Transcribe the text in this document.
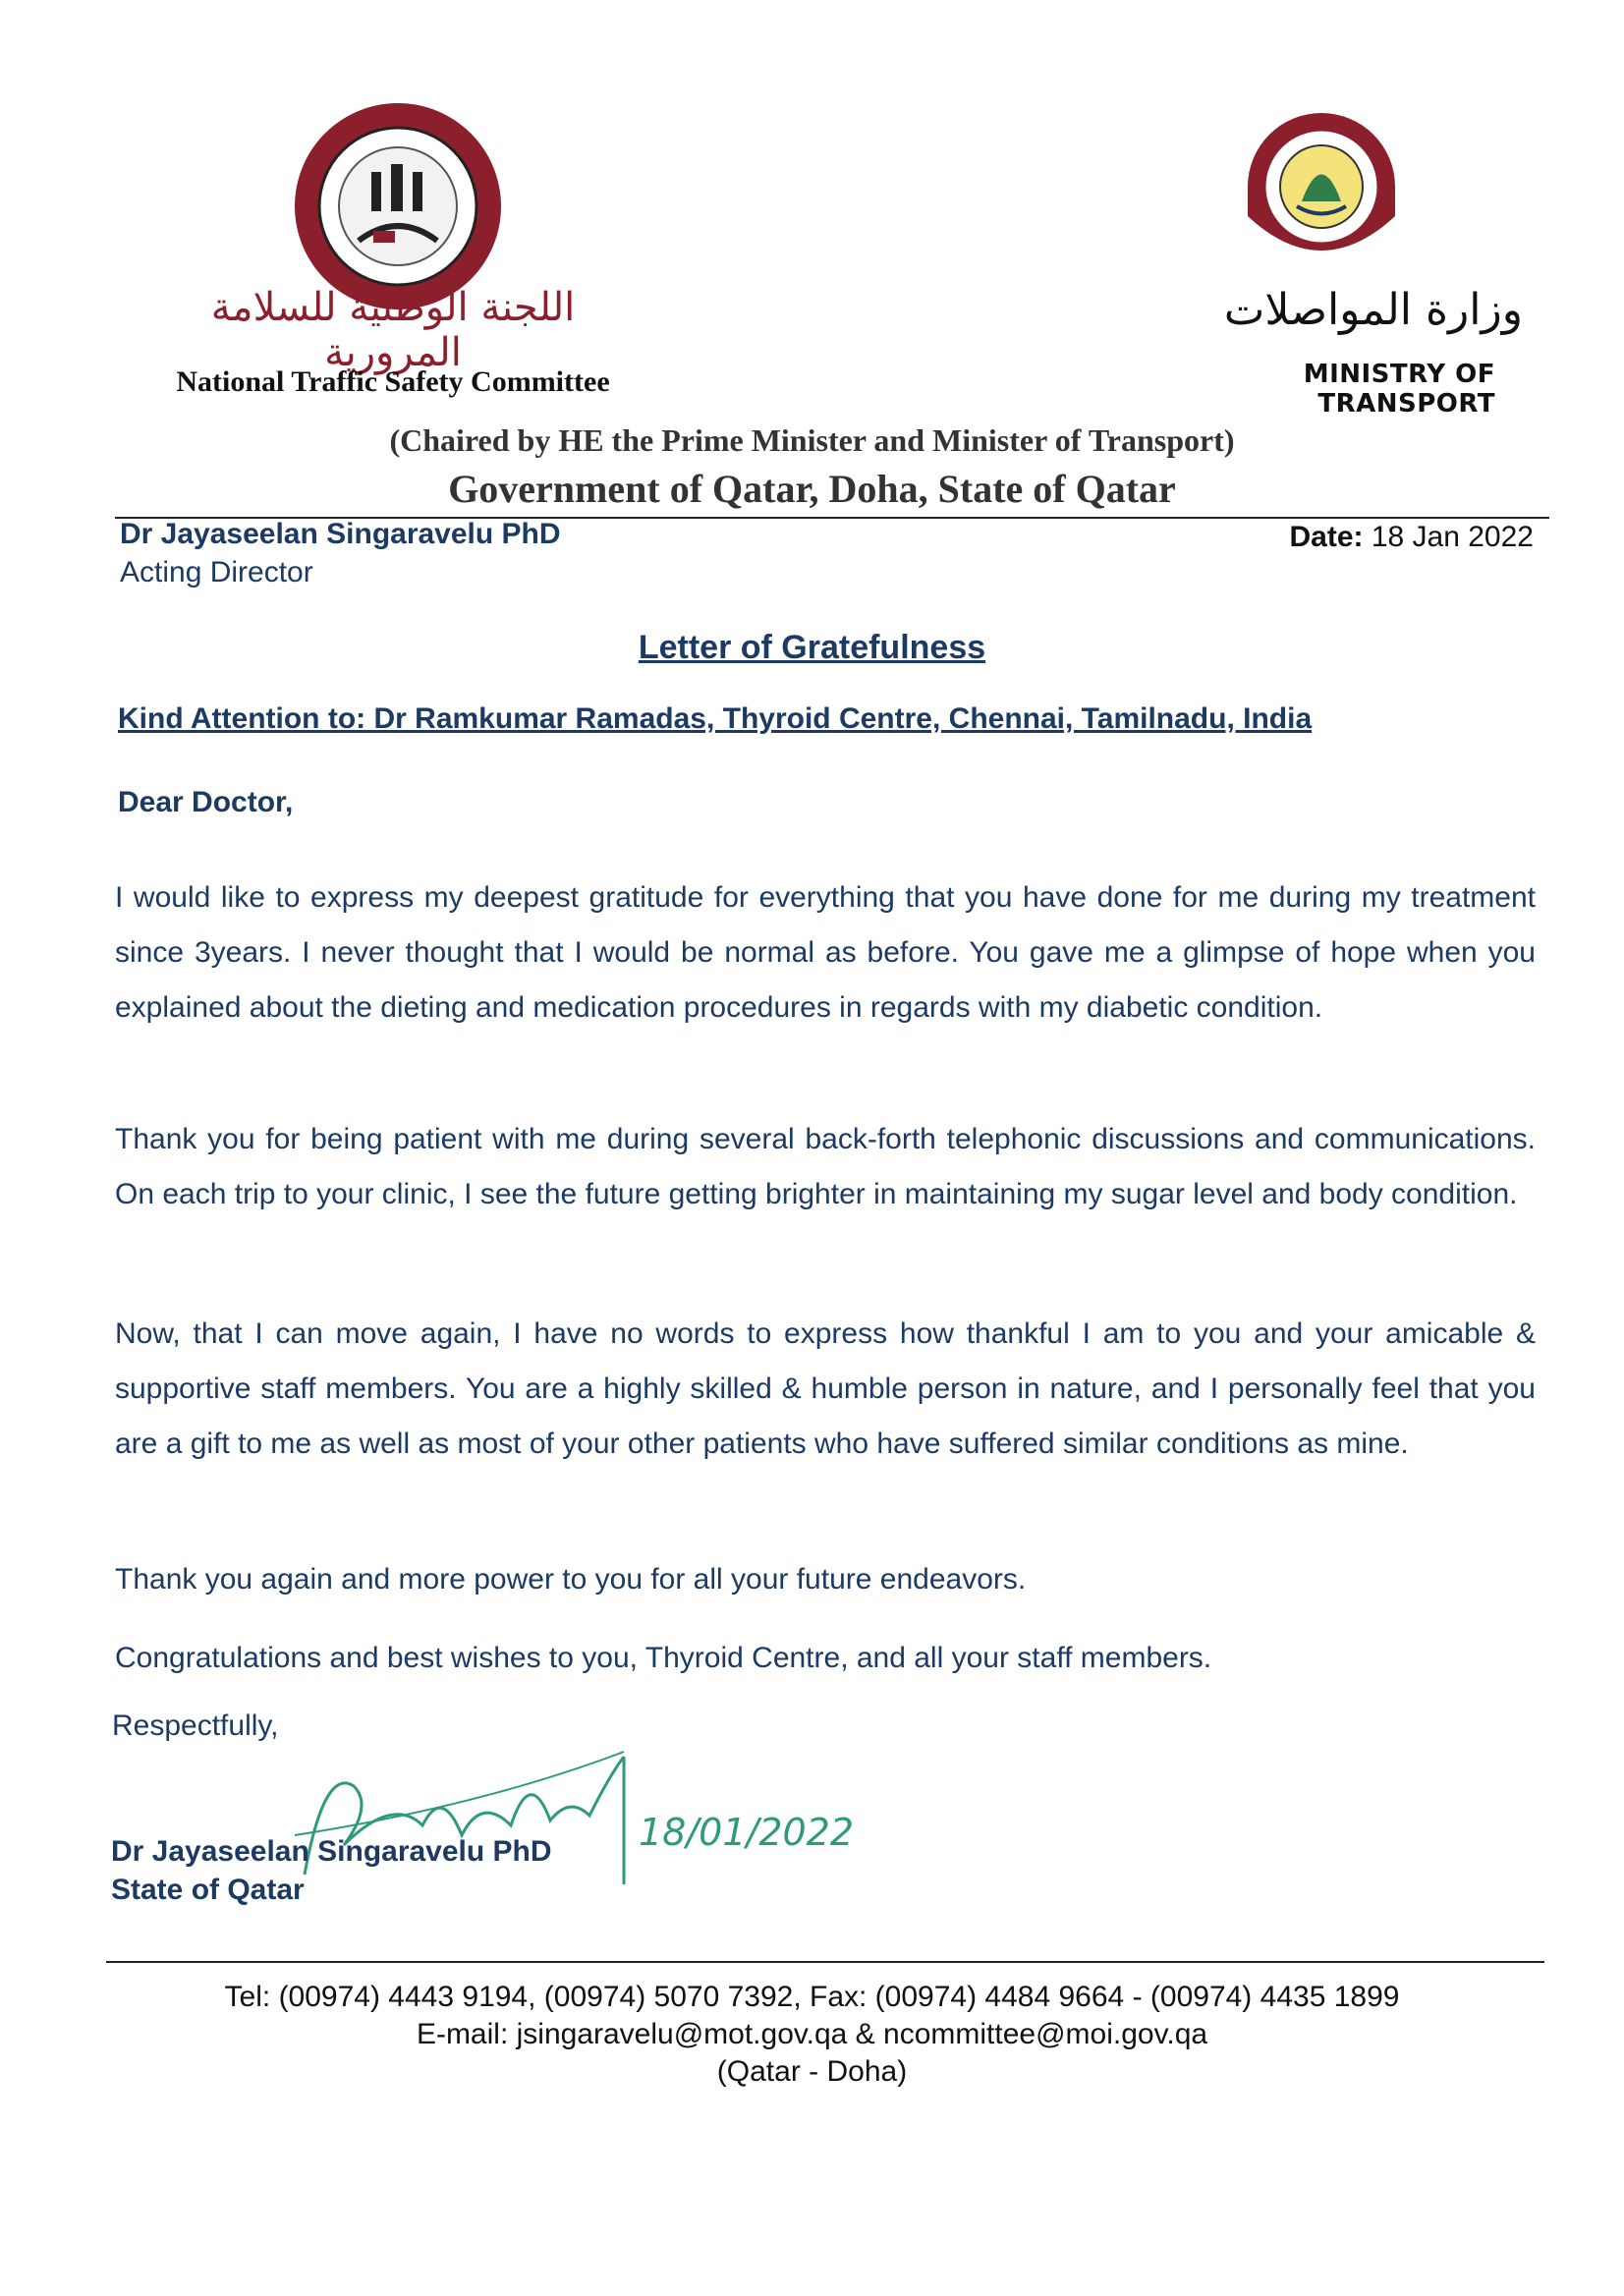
اللجنة الوطنية للسلامة المرورية
National Traffic Safety Committee
وزارة المواصلات
MINISTRY OF TRANSPORT
(Chaired by HE the Prime Minister and Minister of Transport)
Government of Qatar, Doha, State of Qatar
Dr Jayaseelan Singaravelu PhD
Acting Director
Date: 18 Jan 2022
Letter of Gratefulness
Kind Attention to: Dr Ramkumar Ramadas, Thyroid Centre, Chennai, Tamilnadu, India
Dear Doctor,
I would like to express my deepest gratitude for everything that you have done for me during my treatment since 3years. I never thought that I would be normal as before. You gave me a glimpse of hope when you explained about the dieting and medication procedures in regards with my diabetic condition.
Thank you for being patient with me during several back-forth telephonic discussions and communications. On each trip to your clinic, I see the future getting brighter in maintaining my sugar level and body condition.
Now, that I can move again, I have no words to express how thankful I am to you and your amicable & supportive staff members. You are a highly skilled & humble person in nature, and I personally feel that you are a gift to me as well as most of your other patients who have suffered similar conditions as mine.
Thank you again and more power to you for all your future endeavors.
Congratulations and best wishes to you, Thyroid Centre, and all your staff members.
Respectfully,
18/01/2022
Dr Jayaseelan Singaravelu PhD
State of Qatar
Tel: (00974) 4443 9194, (00974) 5070 7392, Fax: (00974) 4484 9664 - (00974) 4435 1899
E-mail: jsingaravelu@mot.gov.qa & ncommittee@moi.gov.qa
(Qatar - Doha)
